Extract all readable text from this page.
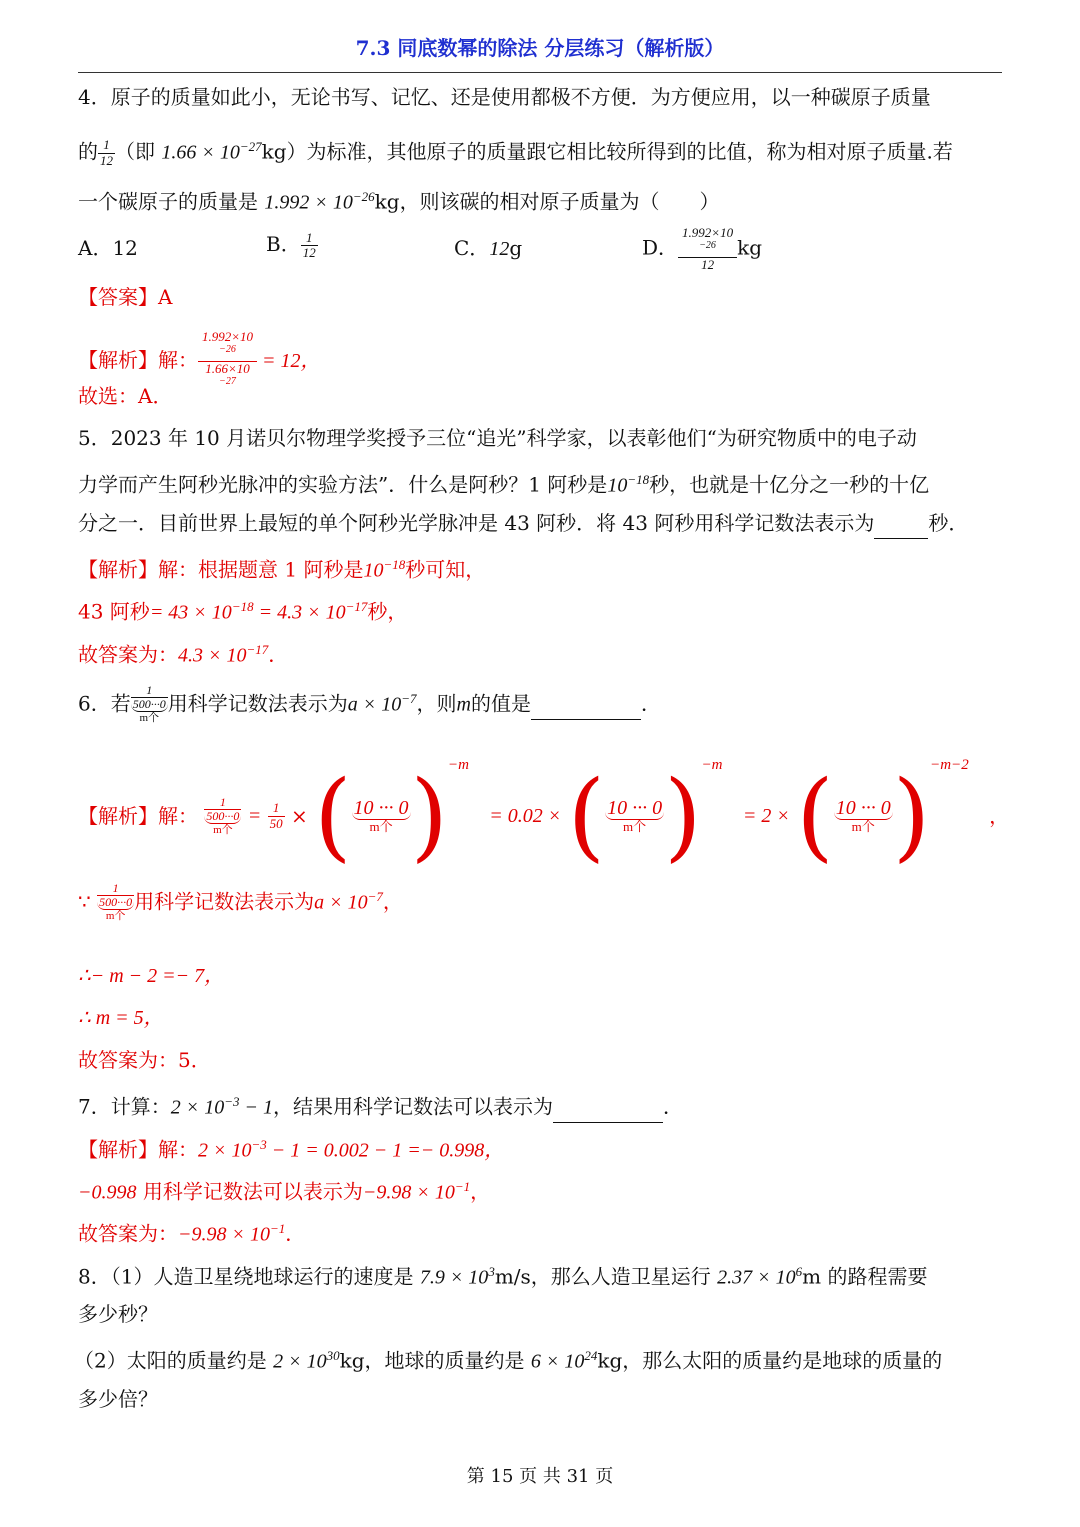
7.3 同底数幂的除法 分层练习（解析版）
4．原子的质量如此小，无论书写、记忆、还是使用都极不方便．为方便应用，以一种碳原子质量
的 $\frac{1}{12}$ （即 $1.66 \times 10^{-27}kg$）为标准，其他原子的质量跟它相比较所得到的比值，称为相对原子质量.若
一个碳原子的质量是 $1.992 \times 10^{-26}kg$，则该碳的相对原子质量为（　　）
A．12	B． $\frac{1}{12}$	C．12g	D． 1.992×10
$^{-26}$
12 kg
【答案】A
【解析】解： 1.992×10
$^{-26}$
1.66×10
$^{-27}$ = 12，
故选：A．
5．2023 年 10 月诺贝尔物理学奖授予三位“追光”科学家，以表彰他们“为研究物质中的电子动
力学而产生阿秒光脉冲的实验方法”．什么是阿秒？1 阿秒是$10^{-18}$秒，也就是十亿分之一秒的十亿
分之一．目前世界上最短的单个阿秒光学脉冲是 43 阿秒．将 43 阿秒用科学记数法表示为	秒．
【解析】解：根据题意 1 阿秒是$10^{-18}$秒可知，
43 阿秒= $43 \times 10^{-18} = 4.3 \times 10^{-17}$秒，
故答案为：$4.3 \times 10^{-17}$．
6．若
1
500···0
m个
用科学记数法表示为$a \times 10^{-7}$，则m的值是	．
【解析】解：
1
500···0
m个
= $\frac{1}{50}$ × ( 10 ··· 0
m个 )$^{-m}$ = 0.02 × ( 10 ··· 0
m个 )$^{-m}$ = 2 × ( 10 ··· 0
m个 )$^{-m-2}$ ，
∵
1
500···0
m个
用科学记数法表示为$a \times 10^{-7}$，
∴− m − 2 =− 7，
∴ m = 5，
故答案为：5．
7．计算：$2 \times 10^{-3} - 1$，结果用科学记数法可以表示为	．
【解析】解：$2 \times 10^{-3} - 1 = 0.002 - 1 =- 0.998$，
−0.998 用科学记数法可以表示为$-9.98 \times 10^{-1}$，
故答案为：$-9.98 \times 10^{-1}$．
8．（1）人造卫星绕地球运行的速度是 $7.9 \times 10^3m/s$，那么人造卫星运行 $2.37 \times 10^6m$ 的路程需要
多少秒？
（2）太阳的质量约是 $2 \times 10^{30}kg$，地球的质量约是 $6 \times 10^{24}kg$，那么太阳的质量约是地球的质量的
多少倍？
第 15 页 共 31 页
